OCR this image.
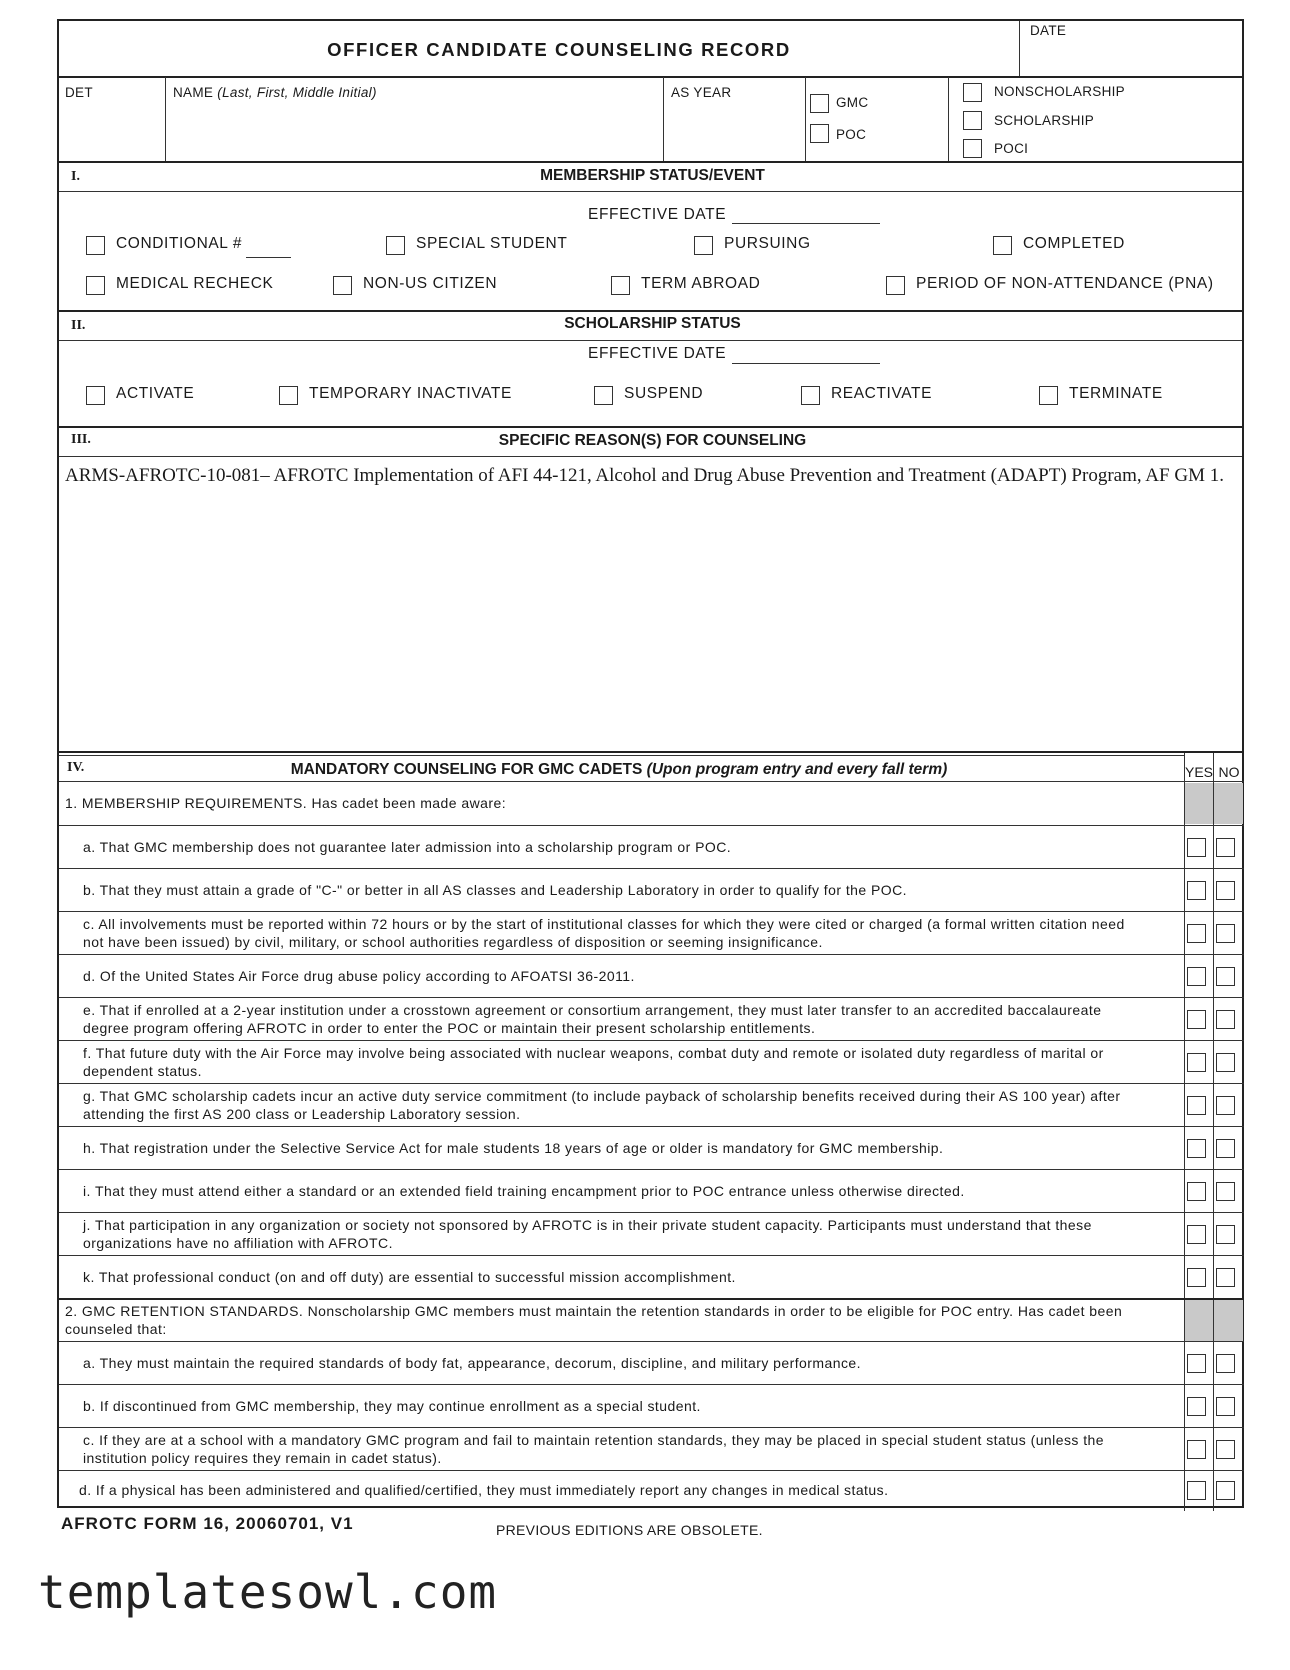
OFFICER CANDIDATE COUNSELING RECORD
DATE
DET	NAME (Last, First, Middle Initial)	AS YEAR
GMC
POC
NONSCHOLARSHIP
SCHOLARSHIP
POCI
I.	MEMBERSHIP STATUS/EVENT
EFFECTIVE DATE
CONDITIONAL #	SPECIAL STUDENT	PURSUING	COMPLETED
MEDICAL RECHECK	NON-US CITIZEN	TERM ABROAD	PERIOD OF NON-ATTENDANCE (PNA)
II.	SCHOLARSHIP STATUS
EFFECTIVE DATE
ACTIVATE	TEMPORARY INACTIVATE	SUSPEND	REACTIVATE	TERMINATE
III.	SPECIFIC REASON(S) FOR COUNSELING
ARMS-AFROTC-10-081– AFROTC Implementation of AFI 44-121, Alcohol and Drug Abuse Prevention and Treatment (ADAPT) Program, AF GM 1.
IV.	MANDATORY COUNSELING FOR GMC CADETS (Upon program entry and every fall term)	YES NO
1. MEMBERSHIP REQUIREMENTS. Has cadet been made aware:
a. That GMC membership does not guarantee later admission into a scholarship program or POC.
b. That they must attain a grade of "C-" or better in all AS classes and Leadership Laboratory in order to qualify for the POC.
c. All involvements must be reported within 72 hours or by the start of institutional classes for which they were cited or charged (a formal written citation need not have been issued) by civil, military, or school authorities regardless of disposition or seeming insignificance.
d. Of the United States Air Force drug abuse policy according to AFOATSI 36-2011.
e. That if enrolled at a 2-year institution under a crosstown agreement or consortium arrangement, they must later transfer to an accredited baccalaureate degree program offering AFROTC in order to enter the POC or maintain their present scholarship entitlements.
f. That future duty with the Air Force may involve being associated with nuclear weapons, combat duty and remote or isolated duty regardless of marital or dependent status.
g. That GMC scholarship cadets incur an active duty service commitment (to include payback of scholarship benefits received during their AS 100 year) after attending the first AS 200 class or Leadership Laboratory session.
h. That registration under the Selective Service Act for male students 18 years of age or older is mandatory for GMC membership.
i. That they must attend either a standard or an extended field training encampment prior to POC entrance unless otherwise directed.
j. That participation in any organization or society not sponsored by AFROTC is in their private student capacity. Participants must understand that these organizations have no affiliation with AFROTC.
k. That professional conduct (on and off duty) are essential to successful mission accomplishment.
2. GMC RETENTION STANDARDS. Nonscholarship GMC members must maintain the retention standards in order to be eligible for POC entry. Has cadet been counseled that:
a. They must maintain the required standards of body fat, appearance, decorum, discipline, and military performance.
b. If discontinued from GMC membership, they may continue enrollment as a special student.
c. If they are at a school with a mandatory GMC program and fail to maintain retention standards, they may be placed in special student status (unless the institution policy requires they remain in cadet status).
d. If a physical has been administered and qualified/certified, they must immediately report any changes in medical status.
AFROTC FORM 16, 20060701, V1	PREVIOUS EDITIONS ARE OBSOLETE.
templatesowl.com
